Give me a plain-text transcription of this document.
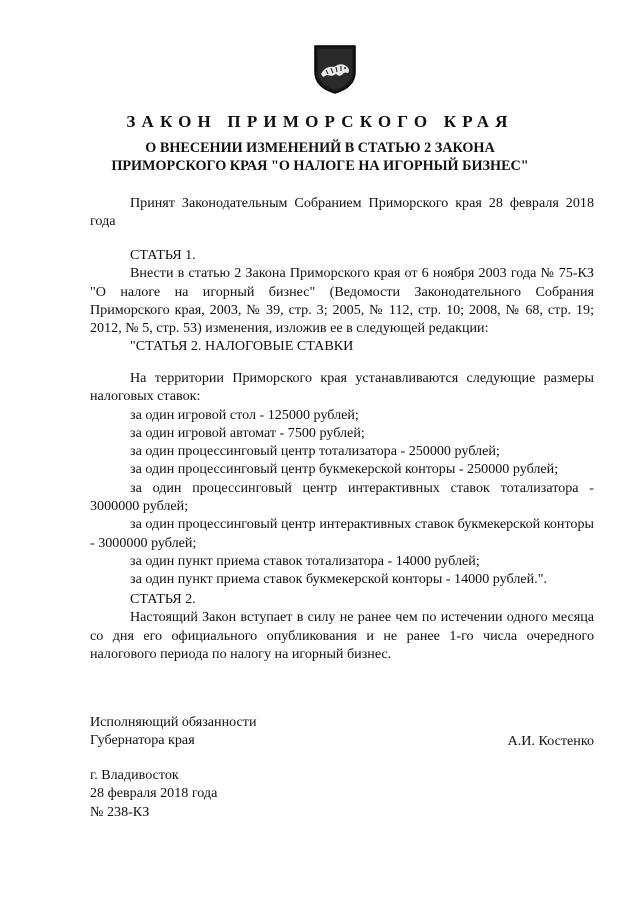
ЗАКОН ПРИМОРСКОГО КРАЯ
О ВНЕСЕНИИ ИЗМЕНЕНИЙ В СТАТЬЮ 2 ЗАКОНА
ПРИМОРСКОГО КРАЯ "О НАЛОГЕ НА ИГОРНЫЙ БИЗНЕС"

Принят Законодательным Собранием Приморского края 28 февраля 2018 года

СТАТЬЯ 1.

Внести в статью 2 Закона Приморского края от 6 ноября 2003 года № 75-КЗ "О налоге на игорный бизнес" (Ведомости Законодательного Собрания Приморского края, 2003, № 39, стр. 3; 2005, № 112, стр. 10; 2008, № 68, стр. 19; 2012, № 5, стр. 53) изменения, изложив ее в следующей редакции:

"СТАТЬЯ 2. НАЛОГОВЫЕ СТАВКИ

На территории Приморского края устанавливаются следующие размеры налоговых ставок:

за один игровой стол - 125000 рублей;

за один игровой автомат - 7500 рублей;

за один процессинговый центр тотализатора - 250000 рублей;

за один процессинговый центр букмекерской конторы - 250000 рублей;

за один процессинговый центр интерактивных ставок тотализатора - 3000000 рублей;

за один процессинговый центр интерактивных ставок букмекерской конторы - 3000000 рублей;

за один пункт приема ставок тотализатора - 14000 рублей;

за один пункт приема ставок букмекерской конторы - 14000 рублей.".

СТАТЬЯ 2.

Настоящий Закон вступает в силу не ранее чем по истечении одного месяца со дня его официального опубликования и не ранее 1-го числа очередного налогового периода по налогу на игорный бизнес.

Исполняющий обязанности
Губернатора края	А.И. Костенко
г. Владивосток
28 февраля 2018 года
№ 238-КЗ
